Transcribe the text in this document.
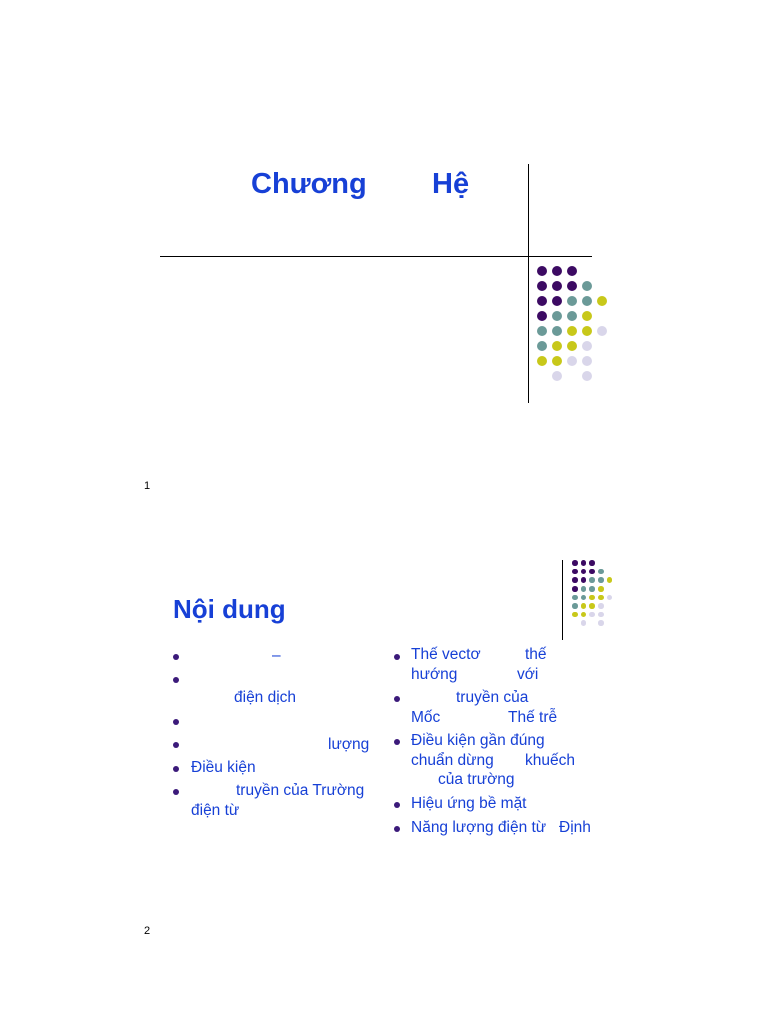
Chương Hệ
1
Nội dung
–
điện dịch
lượng
Điều kiện
truyền của Trường
điện từ
Thế vectơ	thế
hướng	với
truyền của
Mốc	Thế trễ
Điều kiện gần đúng
chuẩn dừng khuếch
của trường
Hiệu ứng bề mặt
Năng lượng điện từ Định
2
